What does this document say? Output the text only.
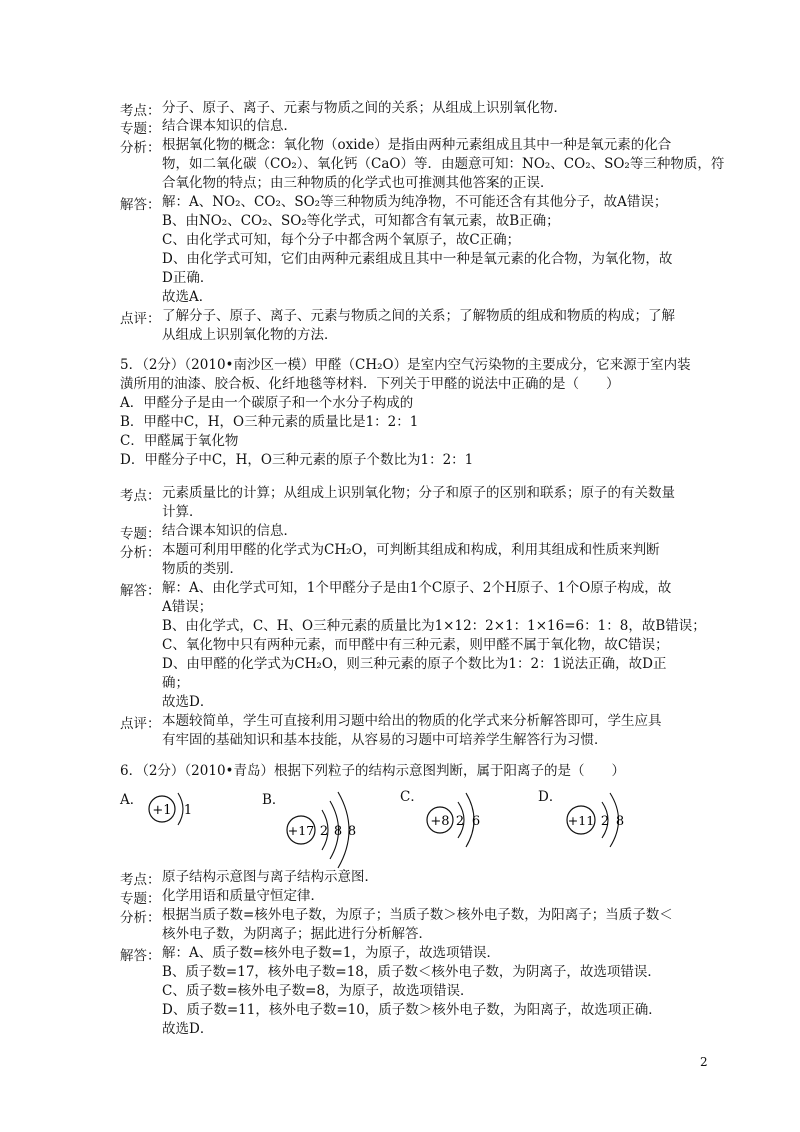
考点： 分子、原子、离子、元素与物质之间的关系；从组成上识别氧化物．
专题： 结合课本知识的信息．
分析： 根据氧化物的概念：氧化物（oxide）是指由两种元素组成且其中一种是氧元素的化合
物，如二氧化碳（CO₂）、氧化钙（CaO）等．由题意可知：NO₂、CO₂、SO₂等三种物质，符
合氧化物的特点；由三种物质的化学式也可推测其他答案的正误．
解答： 解：A、NO₂、CO₂、SO₂等三种物质为纯净物，不可能还含有其他分子，故A错误；
B、由NO₂、CO₂、SO₂等化学式，可知都含有氧元素，故B正确；
C、由化学式可知，每个分子中都含两个氧原子，故C正确；
D、由化学式可知，它们由两种元素组成且其中一种是氧元素的化合物，为氧化物，故
D正确．
故选A．
点评： 了解分子、原子、离子、元素与物质之间的关系；了解物质的组成和物质的构成；了解
从组成上识别氧化物的方法．
5．（2分）（2010•南沙区一模）甲醛（CH₂O）是室内空气污染物的主要成分，它来源于室内装
潢所用的油漆、胶合板、化纤地毯等材料．下列关于甲醛的说法中正确的是（　　）
A．甲醛分子是由一个碳原子和一个水分子构成的
B．甲醛中C，H，O三种元素的质量比是1：2：1
C．甲醛属于氧化物
D．甲醛分子中C，H，O三种元素的原子个数比为1：2：1
考点： 元素质量比的计算；从组成上识别氧化物；分子和原子的区别和联系；原子的有关数量
计算．
专题： 结合课本知识的信息．
分析： 本题可利用甲醛的化学式为CH₂O，可判断其组成和构成，利用其组成和性质来判断
物质的类别．
解答： 解：A、由化学式可知，1个甲醛分子是由1个C原子、2个H原子、1个O原子构成，故
A错误；
B、由化学式，C、H、O三种元素的质量比为1×12：2×1：1×16=6：1：8，故B错误；
C、氧化物中只有两种元素，而甲醛中有三种元素，则甲醛不属于氧化物，故C错误；
D、由甲醛的化学式为CH₂O，则三种元素的原子个数比为1：2：1说法正确，故D正
确；
故选D．
点评： 本题较简单，学生可直接利用习题中给出的物质的化学式来分析解答即可，学生应具
有牢固的基础知识和基本技能，从容易的习题中可培养学生解答行为习惯．
6．（2分）（2010•青岛）根据下列粒子的结构示意图判断，属于阳离子的是（　　）
A．
+1 1
B．
+17 2 8 8
C．
+8 2 6
D．
+11 2 8
考点： 原子结构示意图与离子结构示意图．
专题： 化学用语和质量守恒定律．
分析： 根据当质子数=核外电子数，为原子；当质子数＞核外电子数，为阳离子；当质子数＜
核外电子数，为阴离子；据此进行分析解答．
解答： 解：A、质子数=核外电子数=1，为原子，故选项错误．
B、质子数=17，核外电子数=18，质子数＜核外电子数，为阴离子，故选项错误．
C、质子数=核外电子数=8，为原子，故选项错误．
D、质子数=11，核外电子数=10，质子数＞核外电子数，为阳离子，故选项正确．
故选D．
2
